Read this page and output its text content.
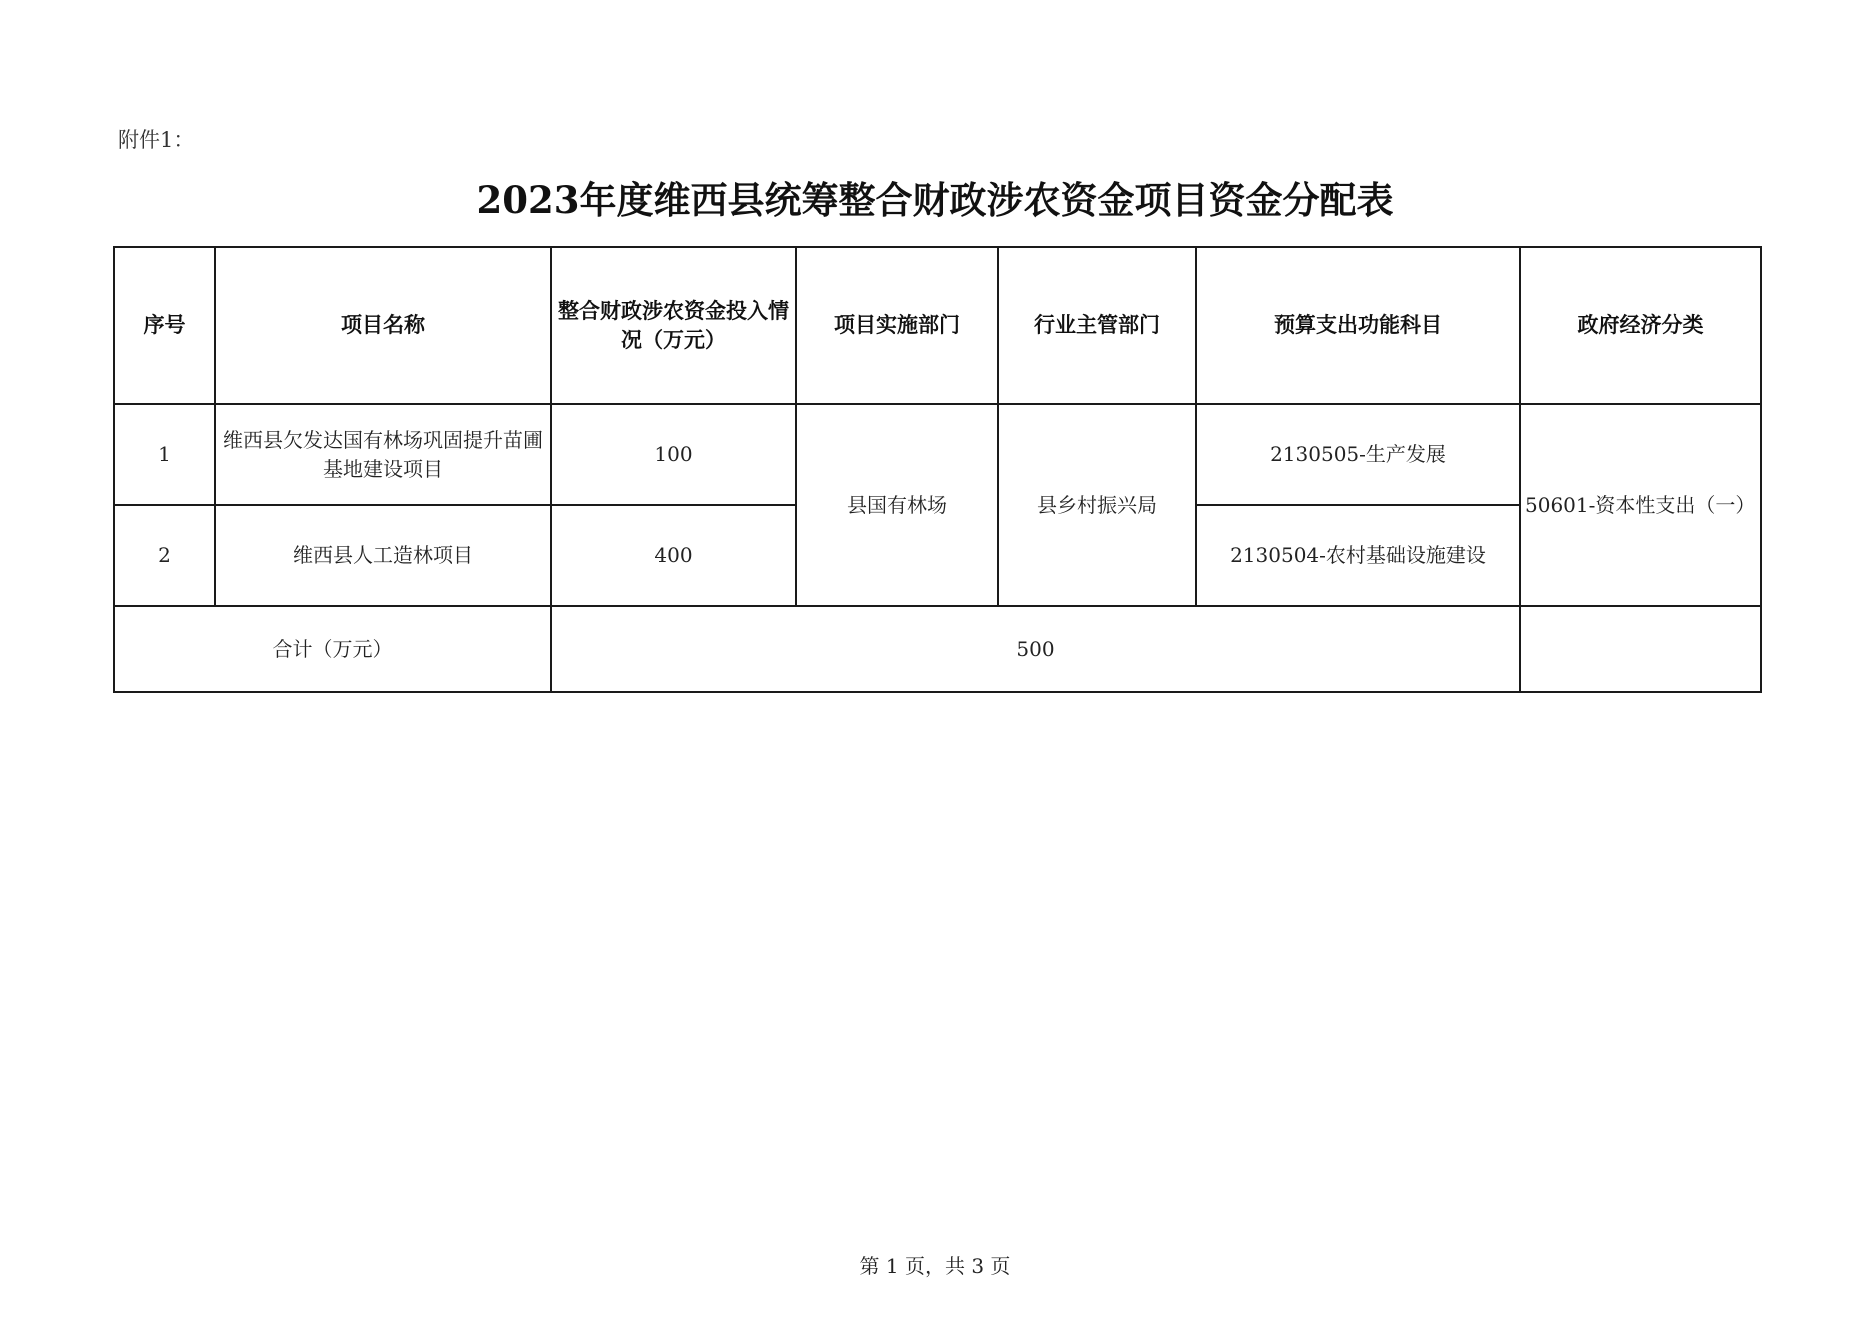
附件1：
2023年度维西县统筹整合财政涉农资金项目资金分配表
序号	项目名称	整合财政涉农资金投入情况（万元）	项目实施部门	行业主管部门	预算支出功能科目	政府经济分类
1	维西县欠发达国有林场巩固提升苗圃基地建设项目	100	县国有林场	县乡村振兴局	2130505-生产发展	50601-资本性支出（一）
2	维西县人工造林项目	400			2130504-农村基础设施建设	
合计（万元）		500				
第 1 页，共 3 页
